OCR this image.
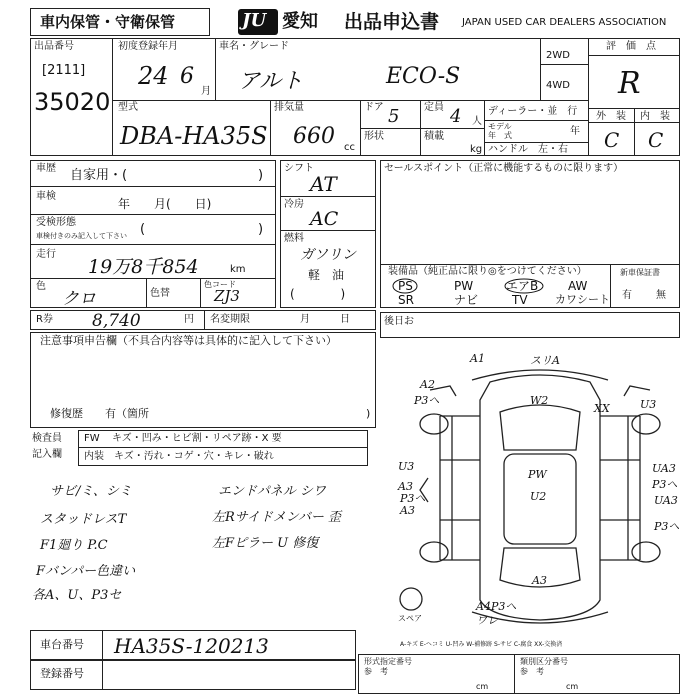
車内保管・守衛保管	JU 愛知 出品申込書 JAPAN USED CAR DEALERS ASSOCIATION
出品番号
[2111]
35020
初度登録年月
24 6
月
車名・グレード
アルト	ECO-S
2WD
4WD
評　価　点
R
外　装 内　装
C C
型式
DBA-HA35S
排気量
660 cc
ドア 5 定員 4 人
形状	積載
kg
ディーラー・並　行
モデル
年　式	年
ハンドル　左・右
車歴 自家用・(	)
車検
年　　月(　　日)
受検形態
車検付きのみ記入して下さい (	)
走行
19万8千854	km
色
クロ	色替
色コード
ZJ3
シフト
AT
冷房
AC
燃料
ガソリン
軽　油
(            )
セールスポイント（正常に機能するものに限ります）
装備品（純正品に限り◎をつけてください）	新車保証書
有 無
PS	PW	エアB AW
SR	ナビ	TV カワシート
R券 8,740	円 名変期限	月　　　日	後日お
注意事項申告欄（不具合内容等は具体的に記入して下さい）
修復歴　　有（箇所	)
検査員
記入欄
FW キズ・凹み・ヒビ割・リペア跡・X 要
内装 キズ・汚れ・コゲ・穴・キレ・破れ
サビ/ミ、シミ	エンドパネル シワ
スタッドレスT	左Rサイドメンバー 歪
F1廻り P.C	左Fピラー U 修復
Fバンパー色違い
各A、U、P3セ
A1	スリA
A2
P3ヘ	W2
XX	U3
U3
A3
PW
U2
UA3
P3ヘ
P3ヘ
A3
UA3
P3ヘ
A3
A4P3ヘ
ワレ
スペア
A-キズ E-ヘコミ U-凹み W-補修跡 S-サビ C-腐食 XX-交換済
車台番号 HA35S-120213
登録番号
形式指定番号
参　考
cm
類別区分番号
参　考
cm
